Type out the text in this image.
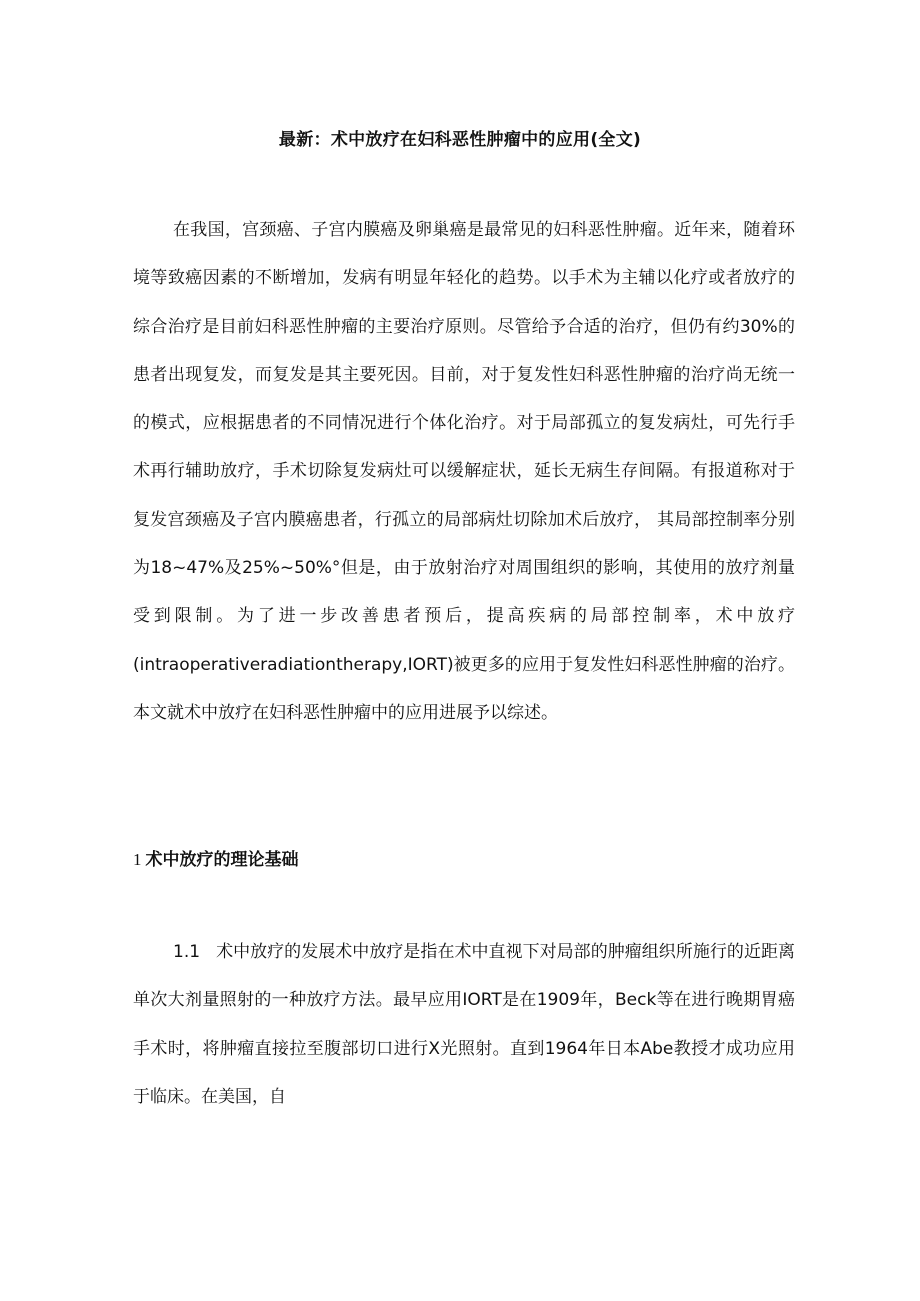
最新：术中放疗在妇科恶性肿瘤中的应用(全文)

在我国，宫颈癌、子宫内膜癌及卵巢癌是最常见的妇科恶性肿瘤。近年来，随着环境等致癌因素的不断增加，发病有明显年轻化的趋势。以手术为主辅以化疗或者放疗的综合治疗是目前妇科恶性肿瘤的主要治疗原则。尽管给予合适的治疗，但仍有约30%的患者出现复发，而复发是其主要死因。目前，对于复发性妇科恶性肿瘤的治疗尚无统一的模式，应根据患者的不同情况进行个体化治疗。对于局部孤立的复发病灶，可先行手术再行辅助放疗，手术切除复发病灶可以缓解症状，延长无病生存间隔。有报道称对于复发宫颈癌及子宫内膜癌患者，行孤立的局部病灶切除加术后放疗， 其局部控制率分别为18~47%及25%~50%°但是，由于放射治疗对周围组织的影响，其使用的放疗剂量受到限制。为了进一步改善患者预后，提高疾病的局部控制率，术中放疗(intraoperativeradiationtherapy,IORT)被更多的应用于复发性妇科恶性肿瘤的治疗。本文就术中放疗在妇科恶性肿瘤中的应用进展予以综述。

1 术中放疗的理论基础

1.1 术中放疗的发展术中放疗是指在术中直视下对局部的肿瘤组织所施行的近距离单次大剂量照射的一种放疗方法。最早应用IORT是在1909年，Beck等在进行晚期胃癌手术时，将肿瘤直接拉至腹部切口进行X光照射。直到1964年日本Abe教授才成功应用于临床。在美国，自
